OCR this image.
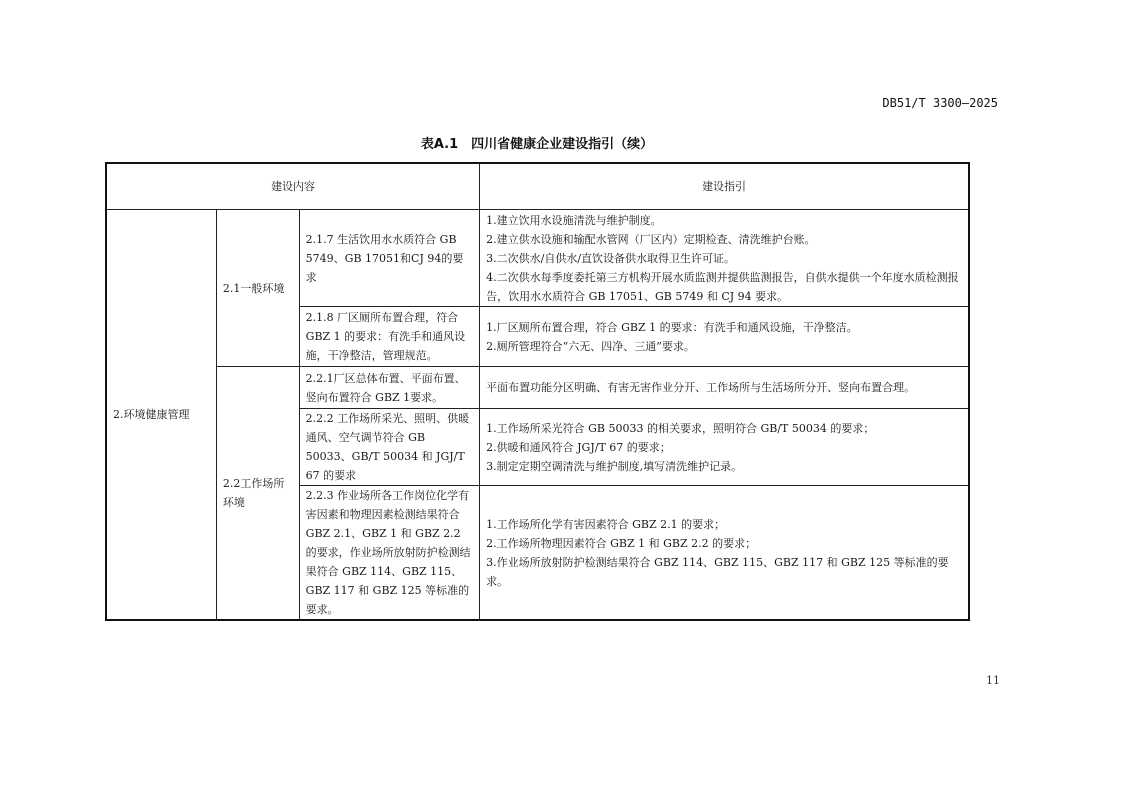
DB51/T 3300—2025
表A.1　四川省健康企业建设指引（续）
建设内容			建设指引
2.环境健康管理	2.1一般环境	2.1.7 生活饮用水水质符合 GB 5749、GB 17051和CJ 94的要求	1.建立饮用水设施清洗与维护制度。
2.建立供水设施和输配水管网（厂区内）定期检查、清洗维护台账。
3.二次供水/自供水/直饮设备供水取得卫生许可证。
4.二次供水每季度委托第三方机构开展水质监测并提供监测报告，自供水提供一个年度水质检测报告，饮用水水质符合 GB 17051、GB 5749 和 CJ 94 要求。

		2.1.8 厂区厕所布置合理，符合 GBZ 1 的要求：有洗手和通风设施，干净整洁，管理规范。	1.厂区厕所布置合理，符合 GBZ 1 的要求：有洗手和通风设施，干净整洁。
2.厕所管理符合“六无、四净、三通”要求。

	2.2工作场所环境	2.2.1厂区总体布置、平面布置、竖向布置符合 GBZ 1要求。	平面布置功能分区明确、有害无害作业分开、工作场所与生活场所分开、竖向布置合理。

		2.2.2 工作场所采光、照明、供暖通风、空气调节符合 GB 50033、GB/T 50034 和 JGJ/T 67 的要求	1.工作场所采光符合 GB 50033 的相关要求，照明符合 GB/T 50034 的要求；
2.供暖和通风符合 JGJ/T 67 的要求；
3.制定定期空调清洗与维护制度,填写清洗维护记录。

		2.2.3 作业场所各工作岗位化学有害因素和物理因素检测结果符合 GBZ 2.1、GBZ 1 和 GBZ 2.2 的要求，作业场所放射防护检测结果符合 GBZ 114、GBZ 115、GBZ 117 和 GBZ 125 等标准的要求。	1.工作场所化学有害因素符合 GBZ 2.1 的要求；
2.工作场所物理因素符合 GBZ 1 和 GBZ 2.2 的要求；
3.作业场所放射防护检测结果符合 GBZ 114、GBZ 115、GBZ 117 和 GBZ 125 等标准的要求。
11
